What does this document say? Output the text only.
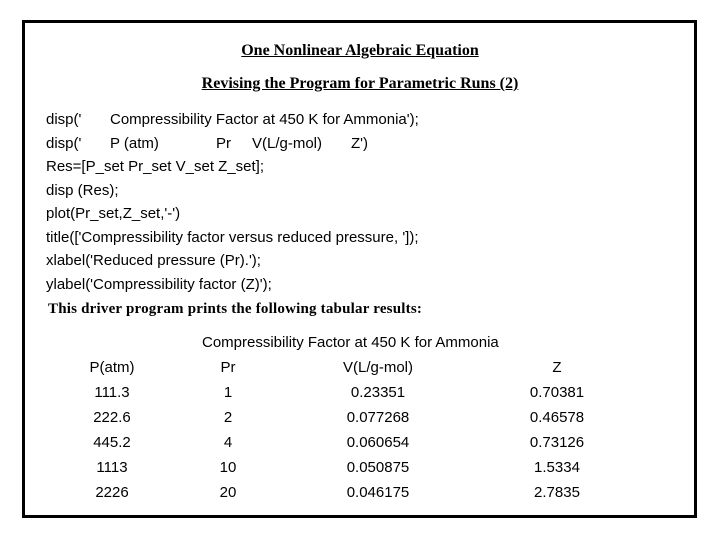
One Nonlinear Algebraic Equation
Revising the Program for Parametric Runs (2)

disp('

Compressibility Factor at 450 K for Ammonia');

disp('

P (atm)

	Pr

V(L/g-mol)

Z')

Res=[P_set Pr_set V_set Z_set];
disp (Res);
plot(Pr_set,Z_set,'-')
title(['Compressibility factor versus reduced pressure, ']);
xlabel('Reduced pressure (Pr).');
ylabel('Compressibility factor (Z)');
This driver program prints the following tabular results:
Compressibility Factor at 450 K for Ammonia
P(atm)	Pr	V(L/g-mol)	Z
111.3	1	0.23351	0.70381
222.6	2	0.077268	0.46578
445.2	4	0.060654	0.73126
1113	10	0.050875	1.5334
2226	20	0.046175	2.7835
